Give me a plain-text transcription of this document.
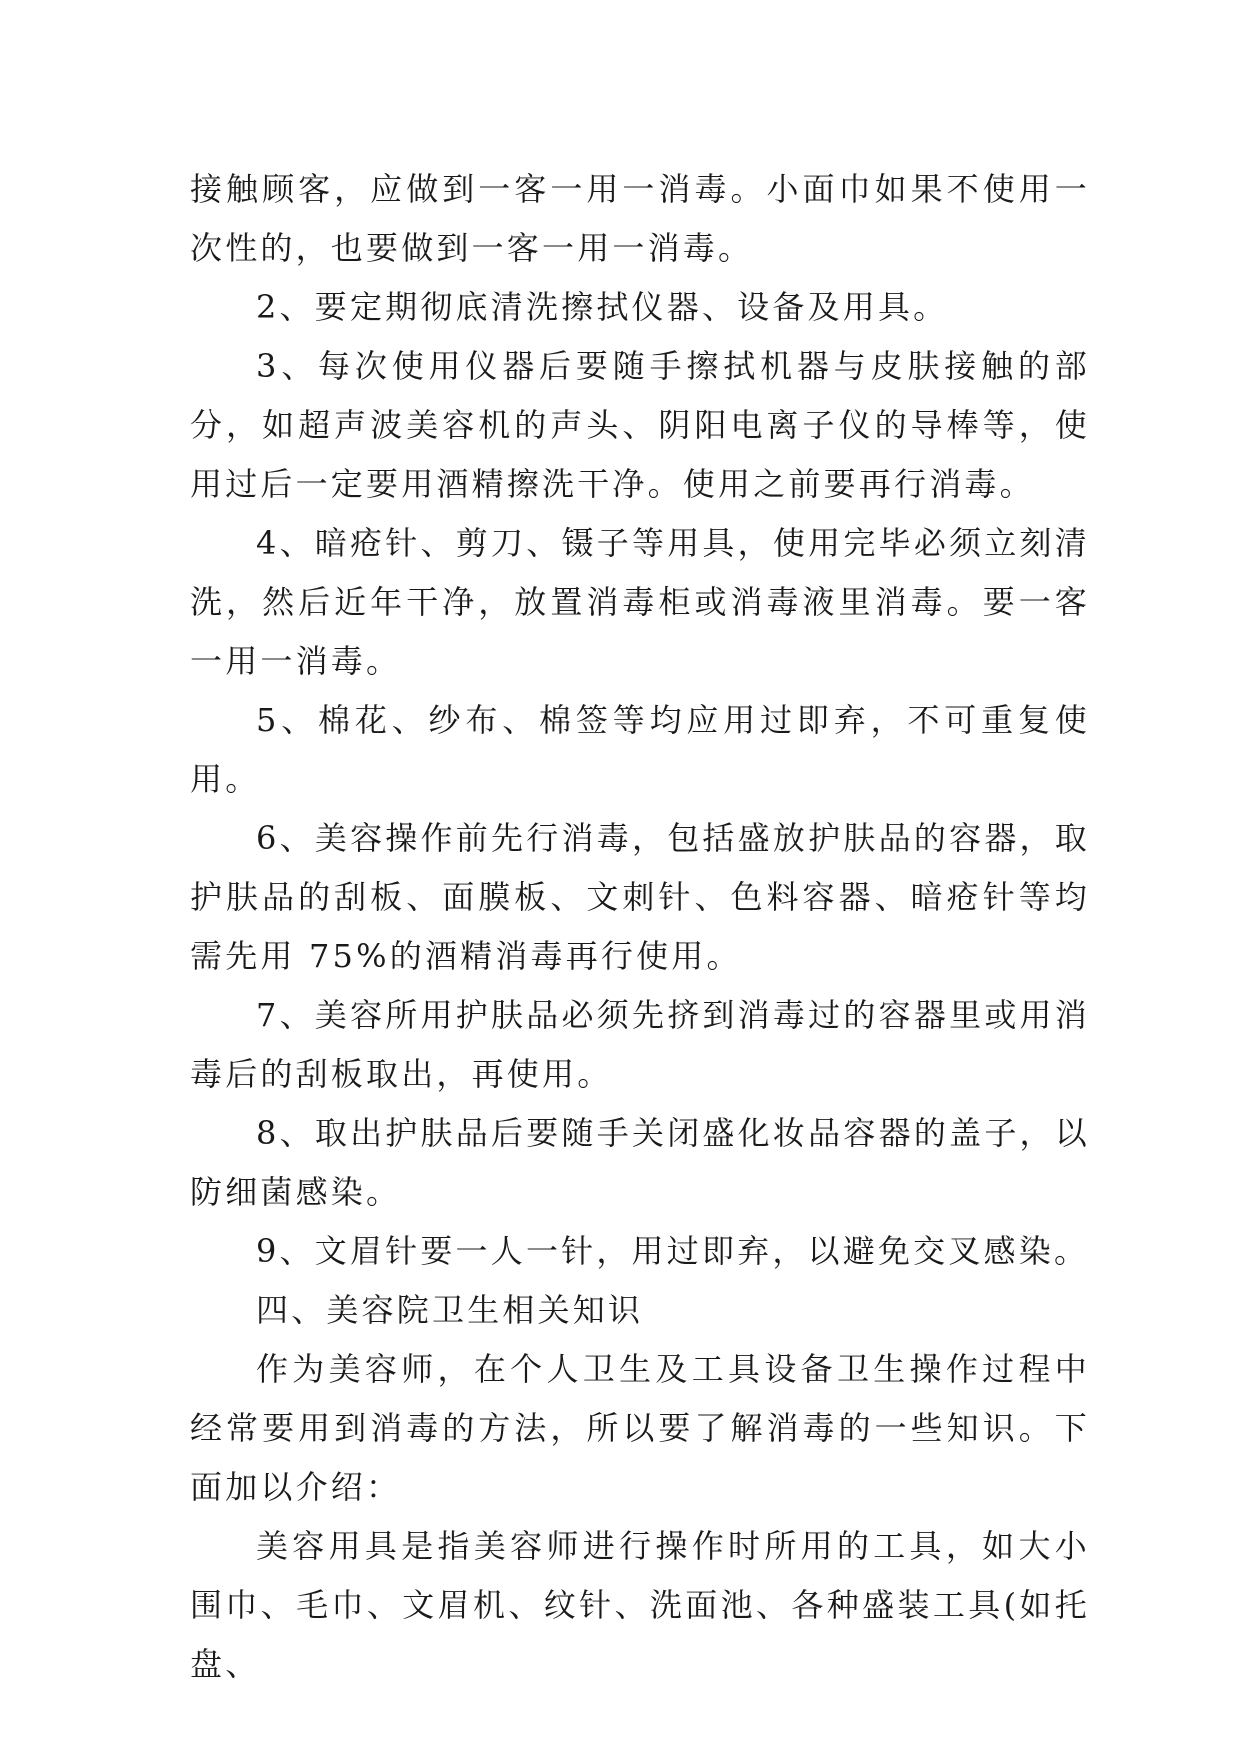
接触顾客，应做到一客一用一消毒。小面巾如果不使用一次性的，也要做到一客一用一消毒。

2、要定期彻底清洗擦拭仪器、设备及用具。

3、每次使用仪器后要随手擦拭机器与皮肤接触的部分，如超声波美容机的声头、阴阳电离子仪的导棒等，使用过后一定要用酒精擦洗干净。使用之前要再行消毒。

4、暗疮针、剪刀、镊子等用具，使用完毕必须立刻清洗，然后近年干净，放置消毒柜或消毒液里消毒。要一客一用一消毒。

5、棉花、纱布、棉签等均应用过即弃，不可重复使用。

6、美容操作前先行消毒，包括盛放护肤品的容器，取护肤品的刮板、面膜板、文刺针、色料容器、暗疮针等均需先用 75%的酒精消毒再行使用。

7、美容所用护肤品必须先挤到消毒过的容器里或用消毒后的刮板取出，再使用。

8、取出护肤品后要随手关闭盛化妆品容器的盖子，以防细菌感染。

9、文眉针要一人一针，用过即弃，以避免交叉感染。

四、美容院卫生相关知识

作为美容师，在个人卫生及工具设备卫生操作过程中经常要用到消毒的方法，所以要了解消毒的一些知识。下面加以介绍：

美容用具是指美容师进行操作时所用的工具，如大小围巾、毛巾、文眉机、纹针、洗面池、各种盛装工具(如托盘、
